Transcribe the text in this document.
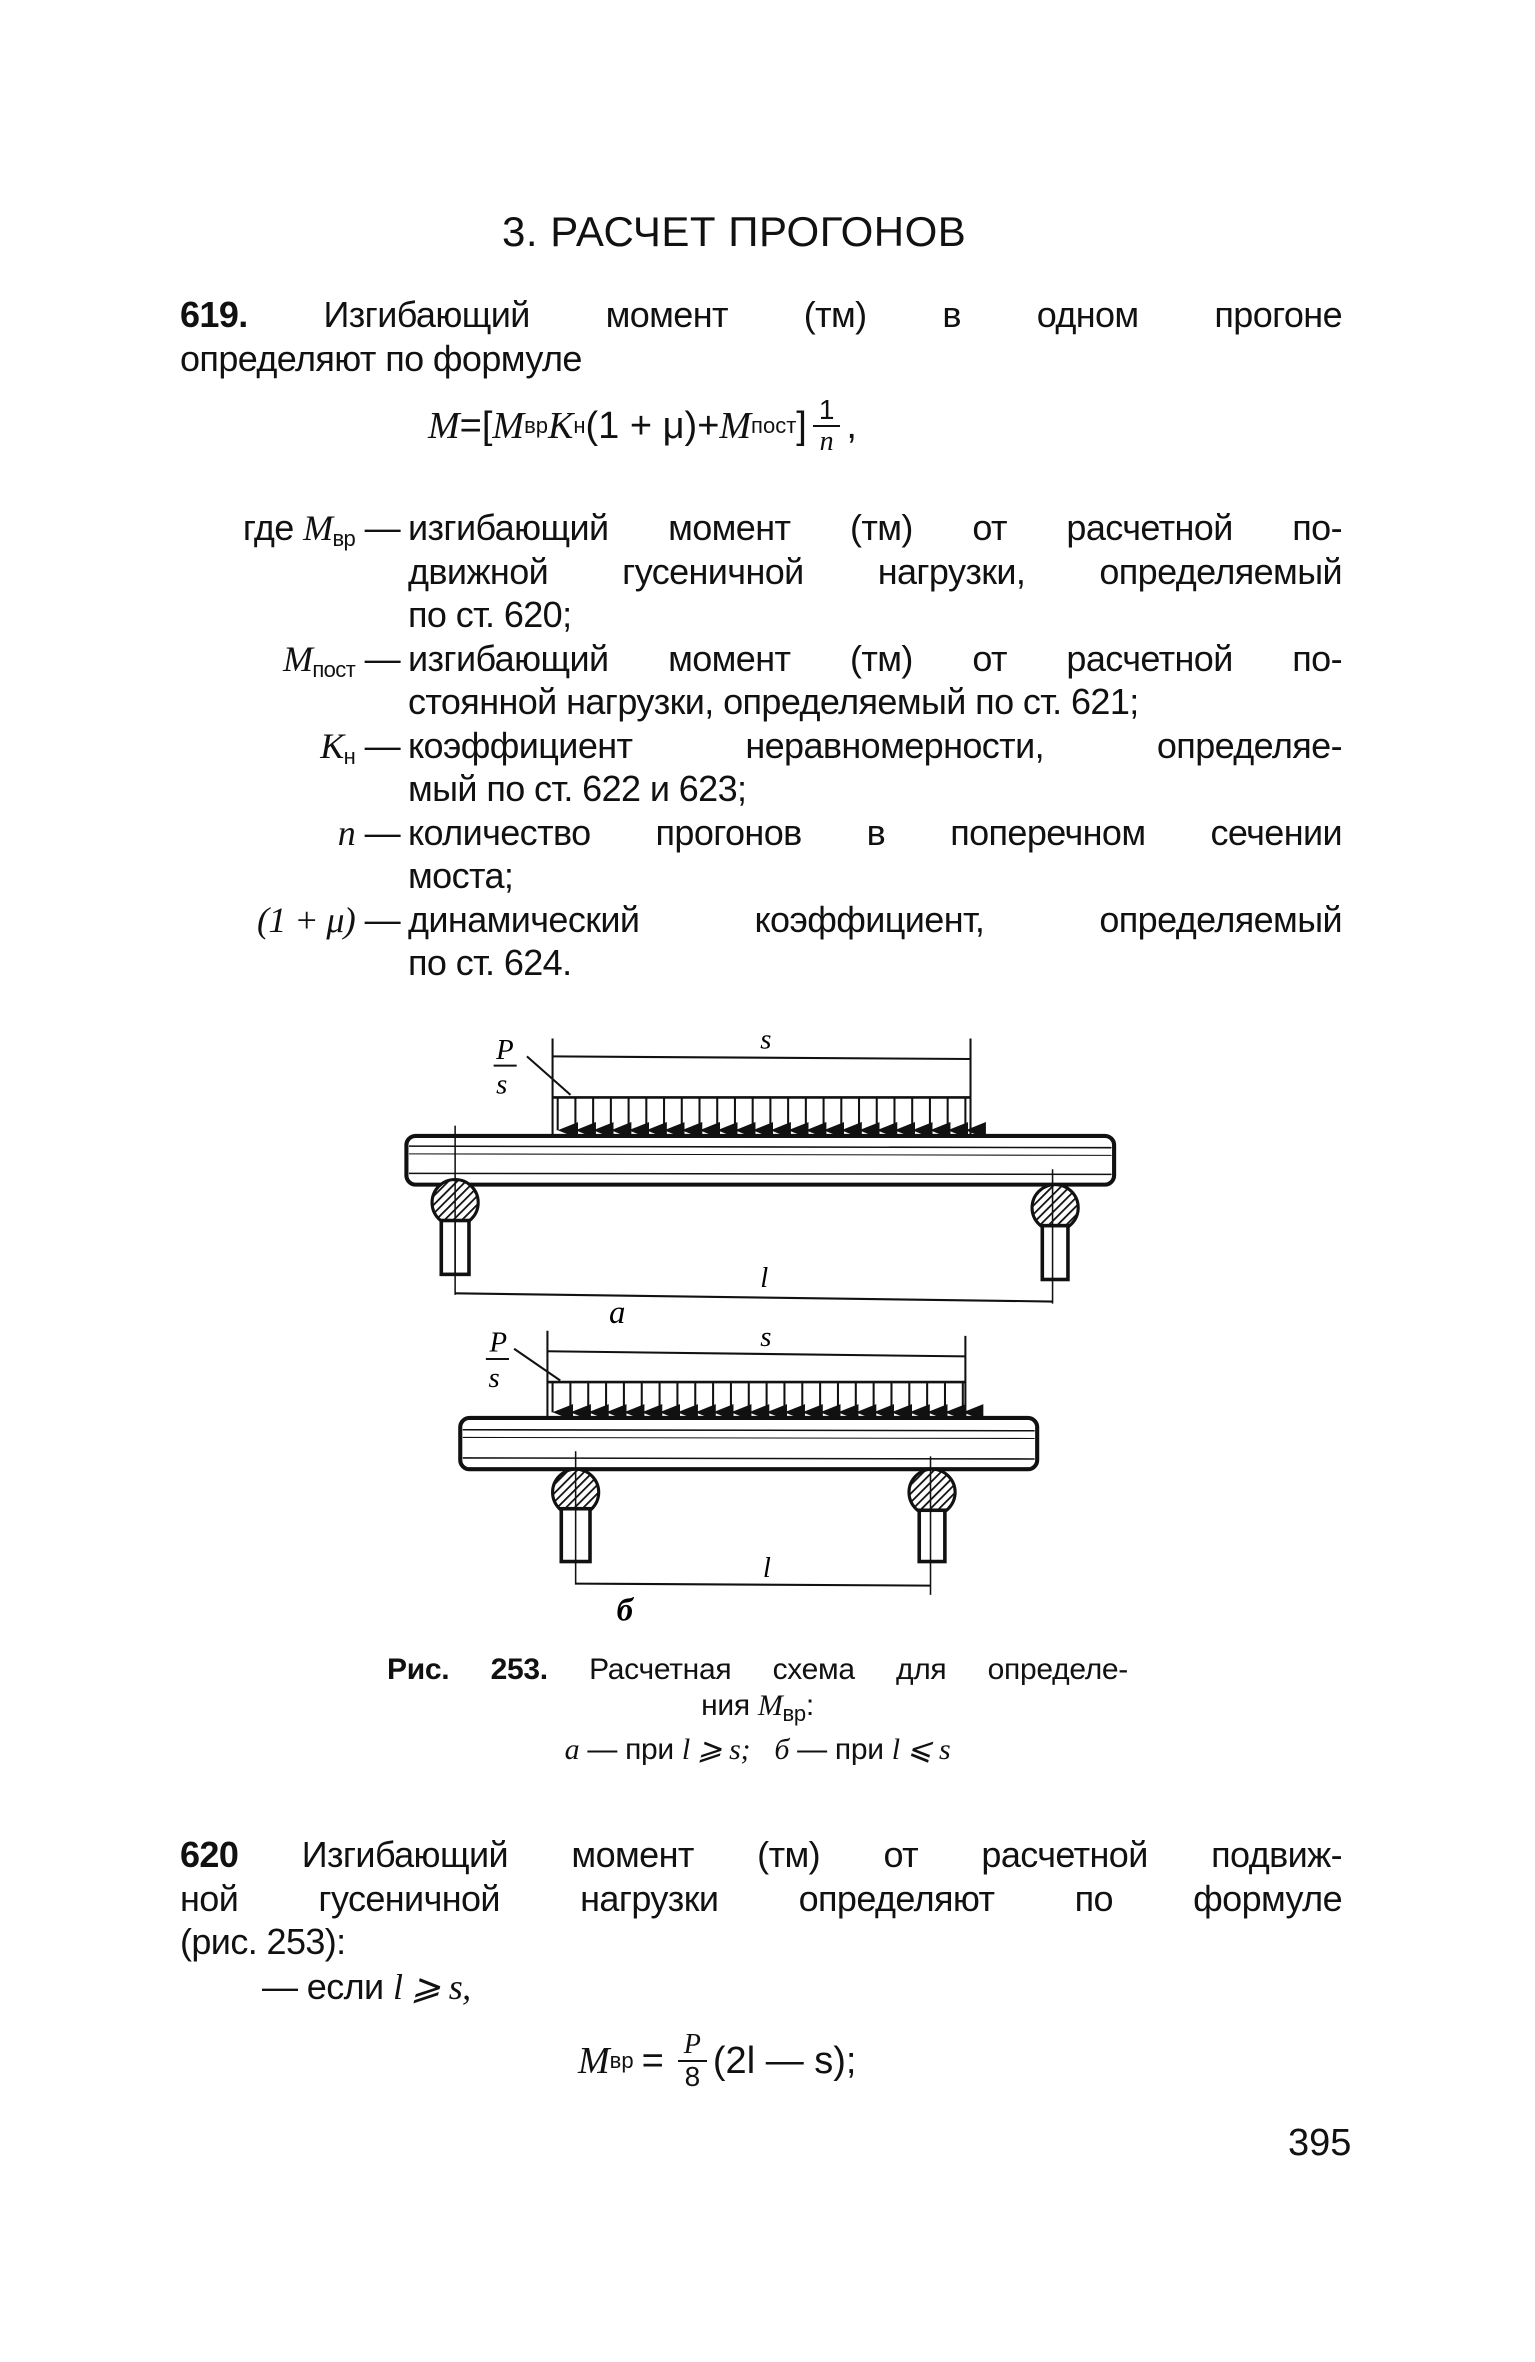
3. РАСЧЕТ ПРОГОНОВ
619. Изгибающий момент (тм) в одном прогоне
определяют по формуле
M = [ M вр K н (1 + μ) + M пост ] $\frac{1}{n}$ ,
где $M_{вр}$ — изгибающий момент (тм) от расчетной по-
движной гусеничной нагрузки, определяемый
по ст. 620;
$M_{пост}$ — изгибающий момент (тм) от расчетной по-
стоянной нагрузки, определяемый по ст. 621;
$K_н$ — коэффициент неравномерности, определяе-
мый по ст. 622 и 623;
n — количество прогонов в поперечном сечении
моста;
(1 + μ) — динамический коэффициент, определяемый
по ст. 624.
s
P
s
l
а
s
P
s
l
б
Рис. 253. Расчетная схема для определе-
ния $M_{вр}$:
а — при l ⩾ s; б — при l ⩽ s
620 Изгибающий момент (тм) от расчетной подвиж-
ной гусеничной нагрузки определяют по формуле
(рис. 253):
— если l ⩾ s,
M вр = $\frac{P}{8} (2l$ — s);
395
